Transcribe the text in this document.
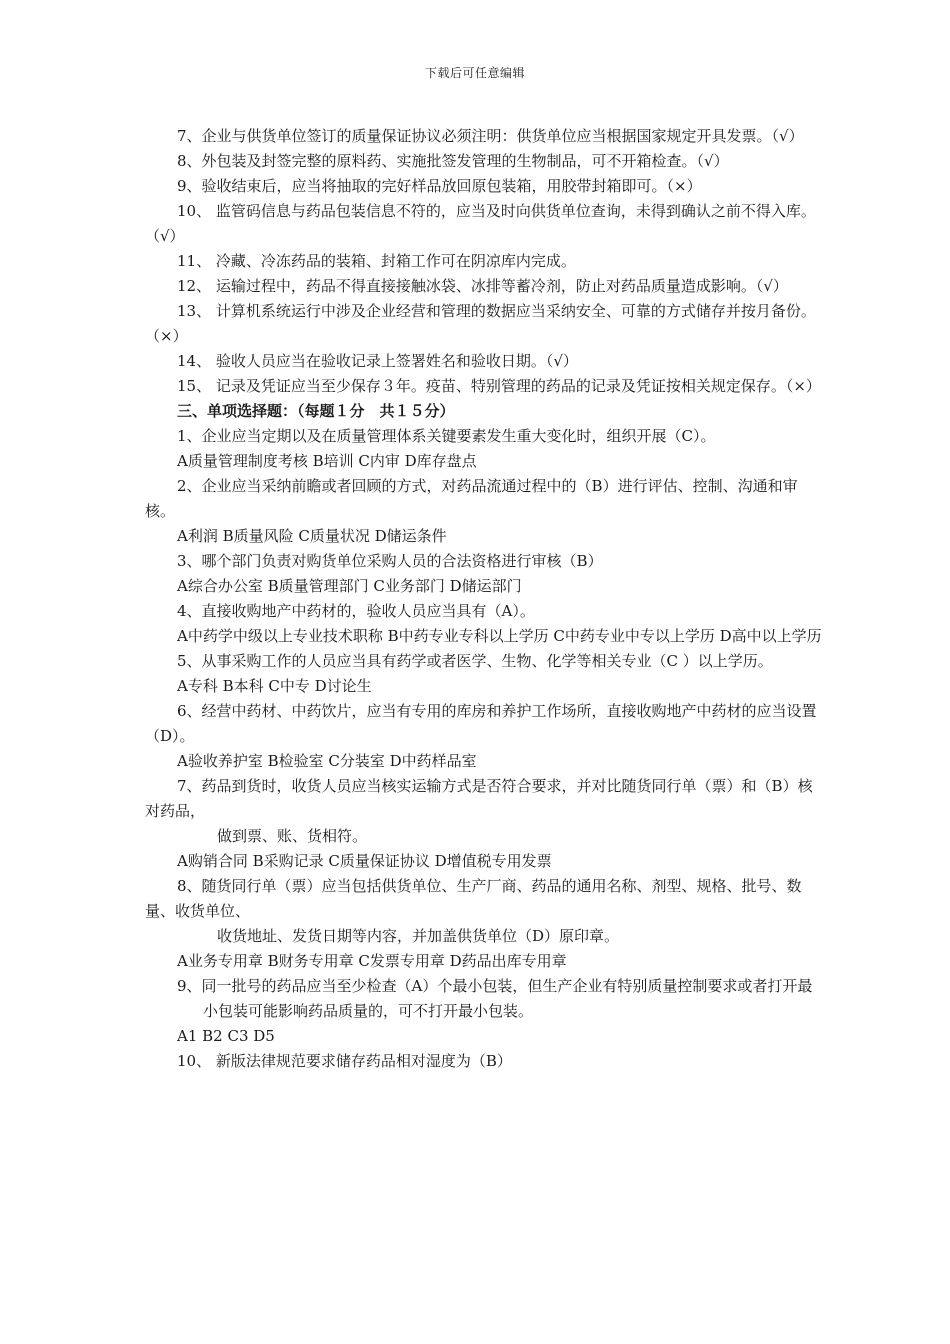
下载后可任意编辑

7、企业与供货单位签订的质量保证协议必须注明：供货单位应当根据国家规定开具发票。（√）

8、外包装及封签完整的原料药、实施批签发管理的生物制品，可不开箱检查。（√）

9、验收结束后，应当将抽取的完好样品放回原包装箱，用胶带封箱即可。（×）

10、 监管码信息与药品包装信息不符的，应当及时向供货单位查询，未得到确认之前不得入库。（√）

11、 冷藏、冷冻药品的装箱、封箱工作可在阴凉库内完成。

12、 运输过程中，药品不得直接接触冰袋、冰排等蓄冷剂，防止对药品质量造成影响。（√）

13、 计算机系统运行中涉及企业经营和管理的数据应当采纳安全、可靠的方式储存并按月备份。（×）

14、 验收人员应当在验收记录上签署姓名和验收日期。（√）

15、 记录及凭证应当至少保存３年。疫苗、特别管理的药品的记录及凭证按相关规定保存。（×）

三、单项选择题：（每题１分　共１５分）

1、企业应当定期以及在质量管理体系关键要素发生重大变化时，组织开展（C）。

A质量管理制度考核 B培训 C内审 D库存盘点

2、企业应当采纳前瞻或者回顾的方式，对药品流通过程中的（B）进行评估、控制、沟通和审核。

A利润 B质量风险 C质量状况 D储运条件

3、哪个部门负责对购货单位采购人员的合法资格进行审核（B）

A综合办公室 B质量管理部门 C业务部门 D储运部门

4、直接收购地产中药材的，验收人员应当具有（A）。

A中药学中级以上专业技术职称 B中药专业专科以上学历 C中药专业中专以上学历 D高中以上学历

5、从事采购工作的人员应当具有药学或者医学、生物、化学等相关专业（C ）以上学历。

A专科 B本科 C中专 D讨论生

6、经营中药材、中药饮片，应当有专用的库房和养护工作场所，直接收购地产中药材的应当设置（D）。

A验收养护室 B检验室 C分装室 D中药样品室

7、药品到货时，收货人员应当核实运输方式是否符合要求，并对比随货同行单（票）和（B）核对药品，

做到票、账、货相符。

A购销合同 B采购记录 C质量保证协议 D增值税专用发票

8、随货同行单（票）应当包括供货单位、生产厂商、药品的通用名称、剂型、规格、批号、数量、收货单位、

收货地址、发货日期等内容，并加盖供货单位（D）原印章。

A业务专用章 B财务专用章 C发票专用章 D药品出库专用章

9、同一批号的药品应当至少检查（A）个最小包装，但生产企业有特别质量控制要求或者打开最

小包装可能影响药品质量的，可不打开最小包装。

A1 B2 C3 D5

10、 新版法律规范要求储存药品相对湿度为（B）
